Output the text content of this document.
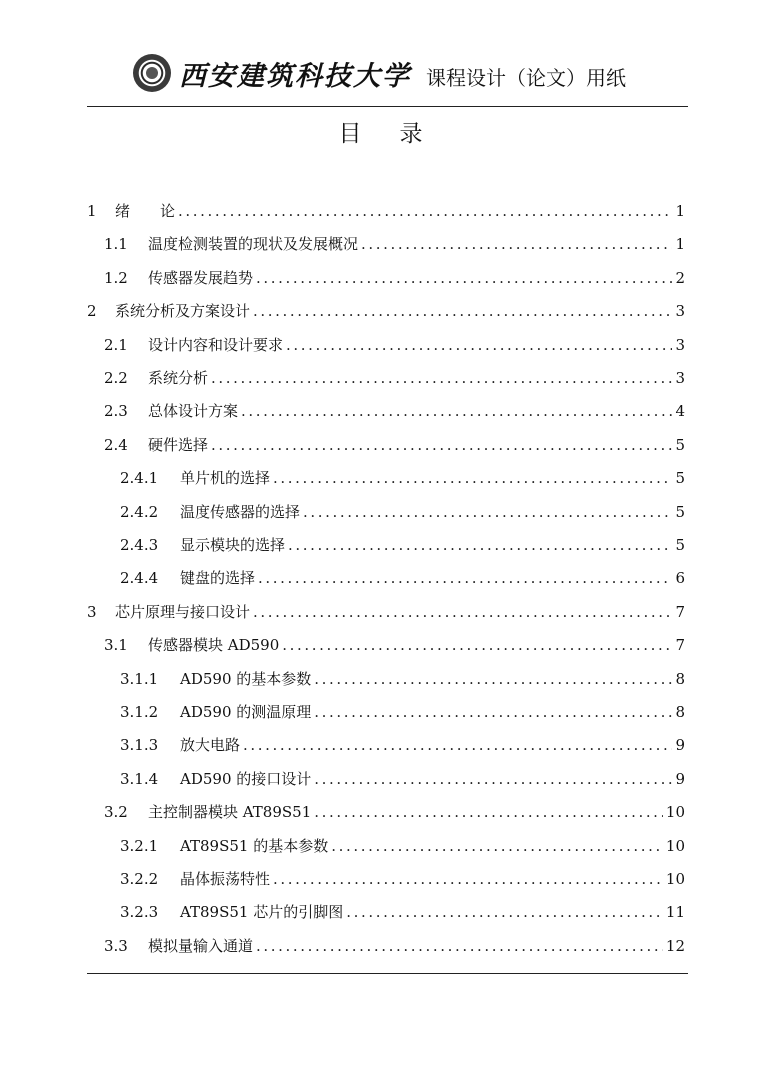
西安建筑科技大学 课程设计（论文）用纸
目录
1	绪　　论 .....	1
1.1	温度检测装置的现状及发展概况 .....	1
1.2	传感器发展趋势 .....	2
2	系统分析及方案设计 .....	3
2.1	设计内容和设计要求 .....	3
2.2	系统分析 .....	3
2.3	总体设计方案 .....	4
2.4	硬件选择 .....	5
2.4.1	单片机的选择 .....	5
2.4.2	温度传感器的选择 .....	5
2.4.3	显示模块的选择 .....	5
2.4.4	键盘的选择 .....	6
3	芯片原理与接口设计 .....	7
3.1	传感器模块 AD590 .....	7
3.1.1	AD590 的基本参数 .....	8
3.1.2	AD590 的测温原理 .....	8
3.1.3	放大电路 .....	9
3.1.4	AD590 的接口设计 .....	9
3.2	主控制器模块 AT89S51 .....	10
3.2.1	AT89S51 的基本参数 .....	10
3.2.2	晶体振荡特性 .....	10
3.2.3	AT89S51 芯片的引脚图 .....	11
3.3	模拟量输入通道 .....	12
